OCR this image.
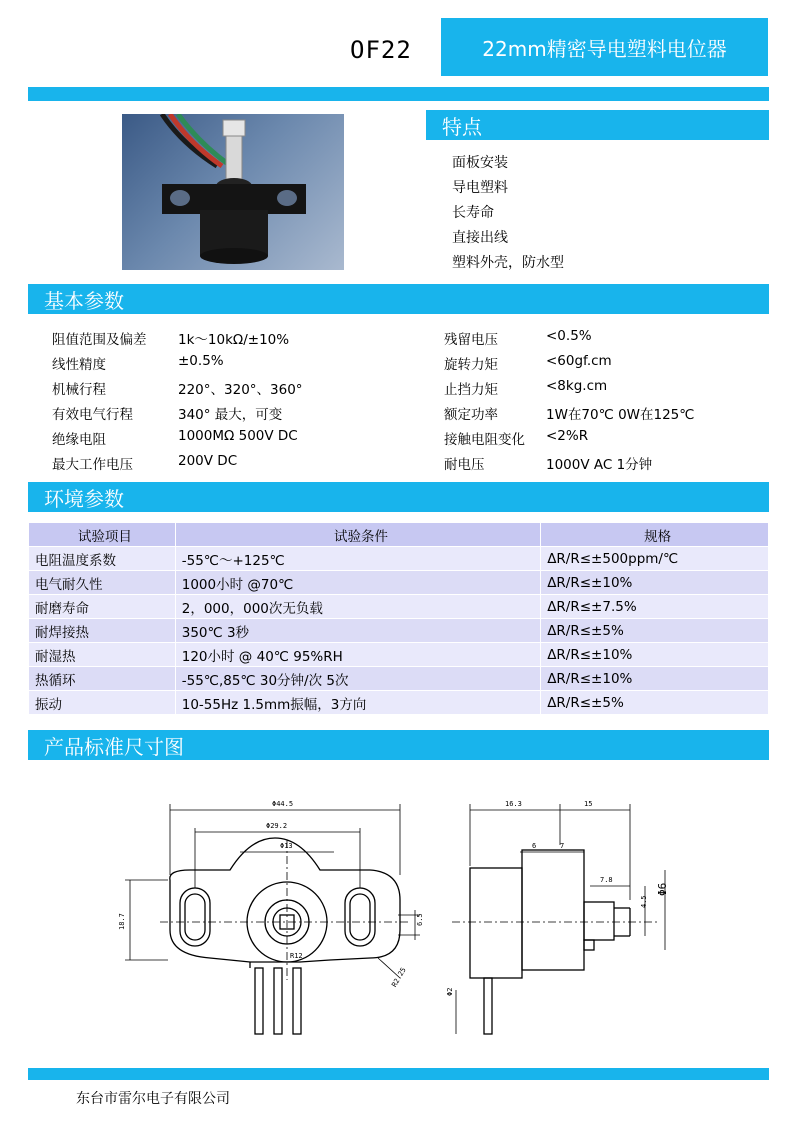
OF22	22mm精密导电塑料电位器
特点
面板安装
导电塑料
长寿命
直接出线
塑料外壳，防水型
基本参数
阻值范围及偏差 1k～10kΩ/±10%
线性精度	±0.5%
机械行程	220°、320°、360°
有效电气行程	340° 最大，可变
绝缘电阻	1000MΩ 500V DC
最大工作电压	200V DC
残留电压	<0.5%
旋转力矩	<60gf.cm
止挡力矩	<8kg.cm
额定功率	1W在70℃ 0W在125℃
接触电阻变化 <2%R
耐电压	1000V AC 1分钟
环境参数
试验项目	试验条件	规格
电阻温度系数	-55℃～+125℃	ΔR/R≤±500ppm/℃
电气耐久性	1000小时 @70℃	ΔR/R≤±10%
耐磨寿命	2，000，000次无负载	ΔR/R≤±7.5%
耐焊接热	350℃ 3秒	ΔR/R≤±5%
耐湿热	120小时 @ 40℃ 95%RH	ΔR/R≤±10%
热循环	-55℃,85℃ 30分钟/次 5次	ΔR/R≤±10%
振动	10-55Hz 1.5mm振幅，3方向	ΔR/R≤±5%
产品标准尺寸图
Φ44.5
Φ29.2
Φ13
18.7	6.5
R12
R2.25
16.3	15
6	7
7.8
4.5
Φ6
Φ2
东台市雷尔电子有限公司
